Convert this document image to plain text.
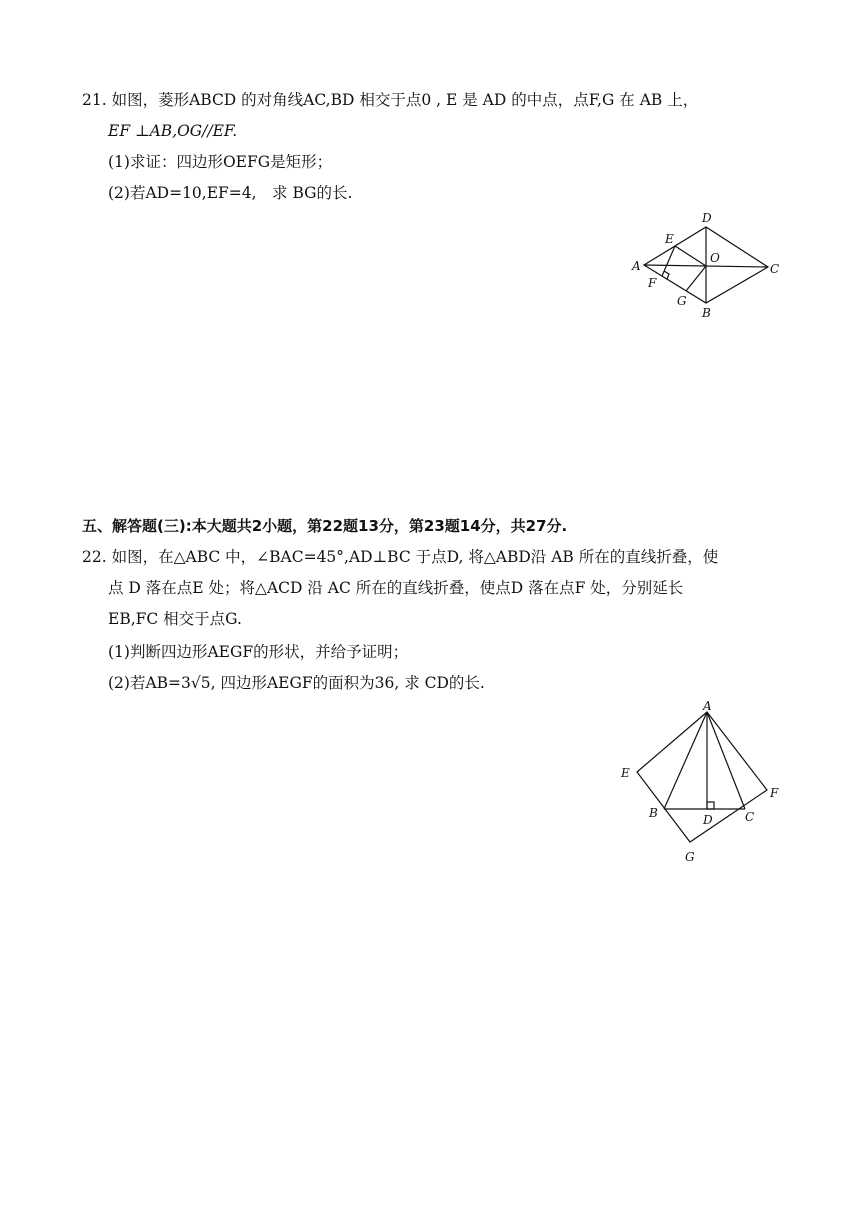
21. 如图，菱形ABCD 的对角线AC,BD 相交于点0 , E 是 AD 的中点，点F,G 在 AB 上，
EF ⊥AB,OG//EF.
(1)求证：四边形OEFG是矩形；
(2)若AD=10,EF=4,　求 BG的长.
D
E
A
O
C
F
G
B
五、解答题(三):本大题共2小题，第22题13分，第23题14分，共27分.
22. 如图，在△ABC 中，∠BAC=45°,AD⊥BC 于点D, 将△ABD沿 AB 所在的直线折叠，使
点 D 落在点E 处；将△ACD 沿 AC 所在的直线折叠，使点D 落在点F 处，分别延长
EB,FC 相交于点G.
(1)判断四边形AEGF的形状，并给予证明；
(2)若AB=3√5, 四边形AEGF的面积为36, 求 CD的长.
A
E
F
B	D	C
G
